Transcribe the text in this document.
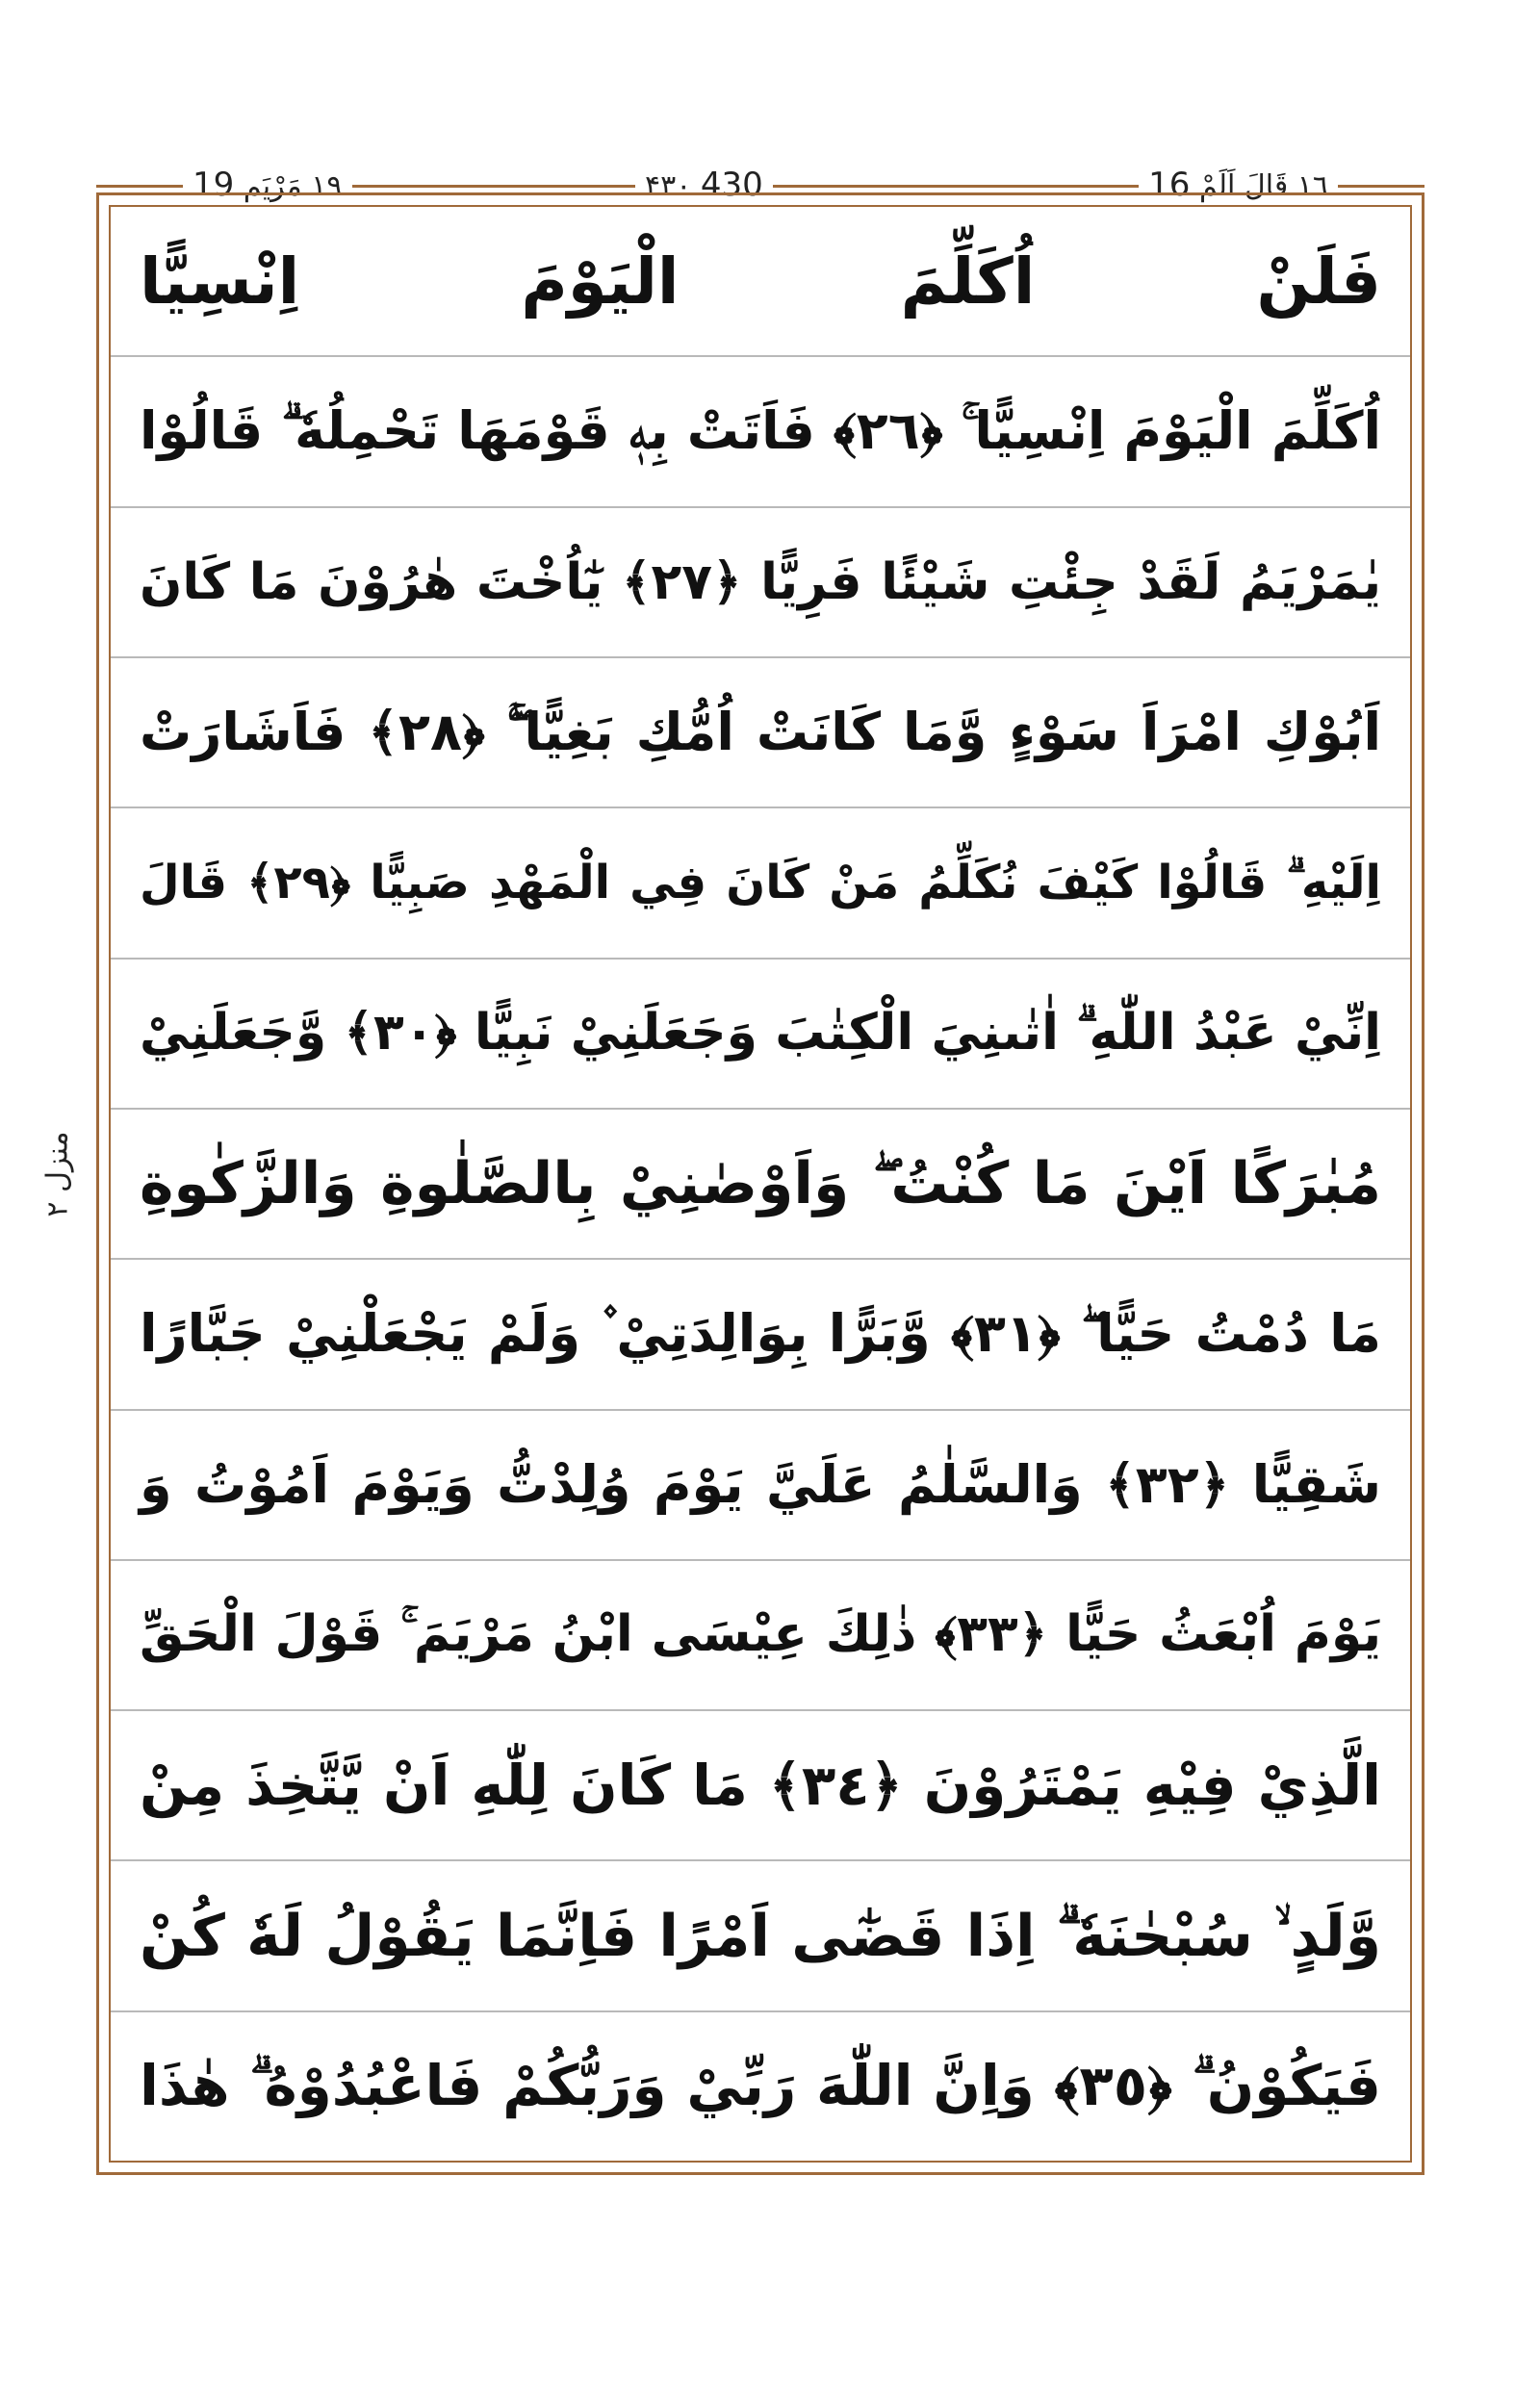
١٩ مَرْيَم 19	۴٣٠ 430	١٦ قَالَ اَلَمْ 16
منزل ٢
فَلَنْ اُكَلِّمَ الْيَوْمَ اِنْسِيًّا
اُكَلِّمَ الْيَوْمَ اِنْسِيًّا ۚ ﴿٢٦﴾ فَاَتَتْ بِهٖ قَوْمَهَا تَحْمِلُهٗ ۗ قَالُوْا
يٰمَرْيَمُ لَقَدْ جِئْتِ شَيْئًا فَرِيًّا ﴿٢٧﴾ يٰٓاُخْتَ هٰرُوْنَ مَا كَانَ
اَبُوْكِ امْرَاَ سَوْءٍ وَّمَا كَانَتْ اُمُّكِ بَغِيًّا ۖۚ ﴿٢٨﴾ فَاَشَارَتْ
اِلَيْهِ ۗ قَالُوْا كَيْفَ نُكَلِّمُ مَنْ كَانَ فِي الْمَهْدِ صَبِيًّا ﴿٢٩﴾ قَالَ
اِنِّيْ عَبْدُ اللّٰهِ ۗ اٰتٰىنِيَ الْكِتٰبَ وَجَعَلَنِيْ نَبِيًّا ﴿٣٠﴾ وَّجَعَلَنِيْ
مُبٰرَكًا اَيْنَ مَا كُنْتُ ۖ وَاَوْصٰنِيْ بِالصَّلٰوةِ وَالزَّكٰوةِ
مَا دُمْتُ حَيًّا ۖ ﴿٣١﴾ وَّبَرًّا بِوَالِدَتِيْ ۫ وَلَمْ يَجْعَلْنِيْ جَبَّارًا
شَقِيًّا ﴿٣٢﴾ وَالسَّلٰمُ عَلَيَّ يَوْمَ وُلِدْتُّ وَيَوْمَ اَمُوْتُ وَ
يَوْمَ اُبْعَثُ حَيًّا ﴿٣٣﴾ ذٰلِكَ عِيْسَى ابْنُ مَرْيَمَ ۚ قَوْلَ الْحَقِّ
الَّذِيْ فِيْهِ يَمْتَرُوْنَ ﴿٣٤﴾ مَا كَانَ لِلّٰهِ اَنْ يَّتَّخِذَ مِنْ
وَّلَدٍ ۙ سُبْحٰنَهٗ ۗ اِذَا قَضٰٓى اَمْرًا فَاِنَّمَا يَقُوْلُ لَهٗ كُنْ
فَيَكُوْنُ ۗ ﴿٣٥﴾ وَاِنَّ اللّٰهَ رَبِّيْ وَرَبُّكُمْ فَاعْبُدُوْهُ ۗ هٰذَا
